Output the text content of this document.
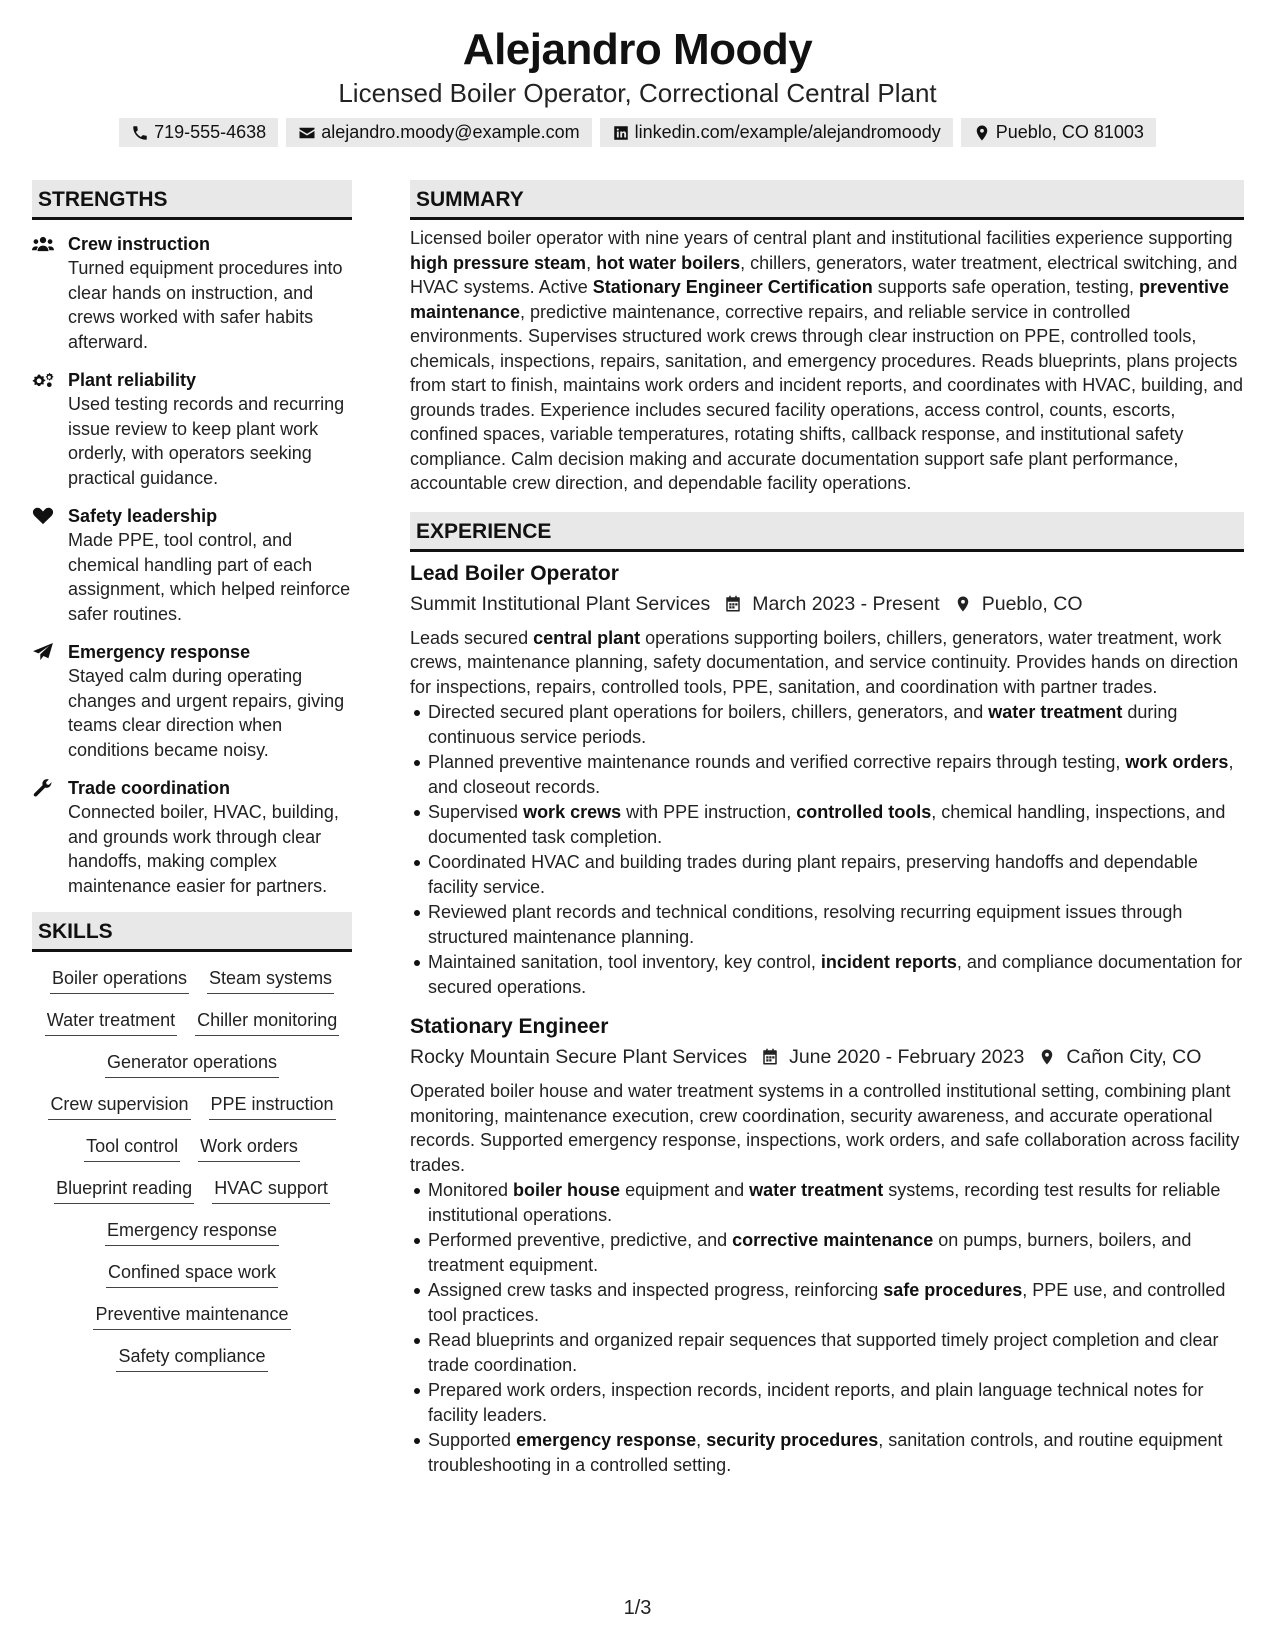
Alejandro Moody
Licensed Boiler Operator, Correctional Central Plant
719-555-4638	alejandro.moody@example.com	linkedin.com/example/alejandromoody	Pueblo, CO 81003
STRENGTHS
Crew instruction
Turned equipment procedures into clear hands on instruction, and crews worked with safer habits afterward.
Plant reliability
Used testing records and recurring issue review to keep plant work orderly, with operators seeking practical guidance.
Safety leadership
Made PPE, tool control, and chemical handling part of each assignment, which helped reinforce safer routines.
Emergency response
Stayed calm during operating changes and urgent repairs, giving teams clear direction when conditions became noisy.
Trade coordination
Connected boiler, HVAC, building, and grounds work through clear handoffs, making complex maintenance easier for partners.
SKILLS
Boiler operations Steam systems
Water treatment Chiller monitoring
Generator operations
Crew supervision PPE instruction
Tool control Work orders
Blueprint reading HVAC support
Emergency response
Confined space work
Preventive maintenance
Safety compliance
SUMMARY

Licensed boiler operator with nine years of central plant and institutional facilities experience supporting high pressure steam, hot water boilers, chillers, generators, water treatment, electrical switching, and HVAC systems. Active Stationary Engineer Certification supports safe operation, testing, preventive maintenance, predictive maintenance, corrective repairs, and reliable service in controlled environments. Supervises structured work crews through clear instruction on PPE, controlled tools, chemicals, inspections, repairs, sanitation, and emergency procedures. Reads blueprints, plans projects from start to finish, maintains work orders and incident reports, and coordinates with HVAC, building, and grounds trades. Experience includes secured facility operations, access control, counts, escorts, confined spaces, variable temperatures, rotating shifts, callback response, and institutional safety compliance. Calm decision making and accurate documentation support safe plant performance, accountable crew direction, and dependable facility operations.

EXPERIENCE
Lead Boiler Operator
Summit Institutional Plant Services March 2023 - Present Pueblo, CO

Leads secured central plant operations supporting boilers, chillers, generators, water treatment, work crews, maintenance planning, safety documentation, and service continuity. Provides hands on direction for inspections, repairs, controlled tools, PPE, sanitation, and coordination with partner trades.

Directed secured plant operations for boilers, chillers, generators, and water treatment during continuous service periods.
Planned preventive maintenance rounds and verified corrective repairs through testing, work orders, and closeout records.
Supervised work crews with PPE instruction, controlled tools, chemical handling, inspections, and documented task completion.
Coordinated HVAC and building trades during plant repairs, preserving handoffs and dependable facility service.
Reviewed plant records and technical conditions, resolving recurring equipment issues through structured maintenance planning.
Maintained sanitation, tool inventory, key control, incident reports, and compliance documentation for secured operations.
Stationary Engineer
Rocky Mountain Secure Plant Services June 2020 - February 2023 Cañon City, CO

Operated boiler house and water treatment systems in a controlled institutional setting, combining plant monitoring, maintenance execution, crew coordination, security awareness, and accurate operational records. Supported emergency response, inspections, work orders, and safe collaboration across facility trades.

Monitored boiler house equipment and water treatment systems, recording test results for reliable institutional operations.
Performed preventive, predictive, and corrective maintenance on pumps, burners, boilers, and treatment equipment.
Assigned crew tasks and inspected progress, reinforcing safe procedures, PPE use, and controlled tool practices.
Read blueprints and organized repair sequences that supported timely project completion and clear trade coordination.
Prepared work orders, inspection records, incident reports, and plain language technical notes for facility leaders.
Supported emergency response, security procedures, sanitation controls, and routine equipment troubleshooting in a controlled setting.
1/3
